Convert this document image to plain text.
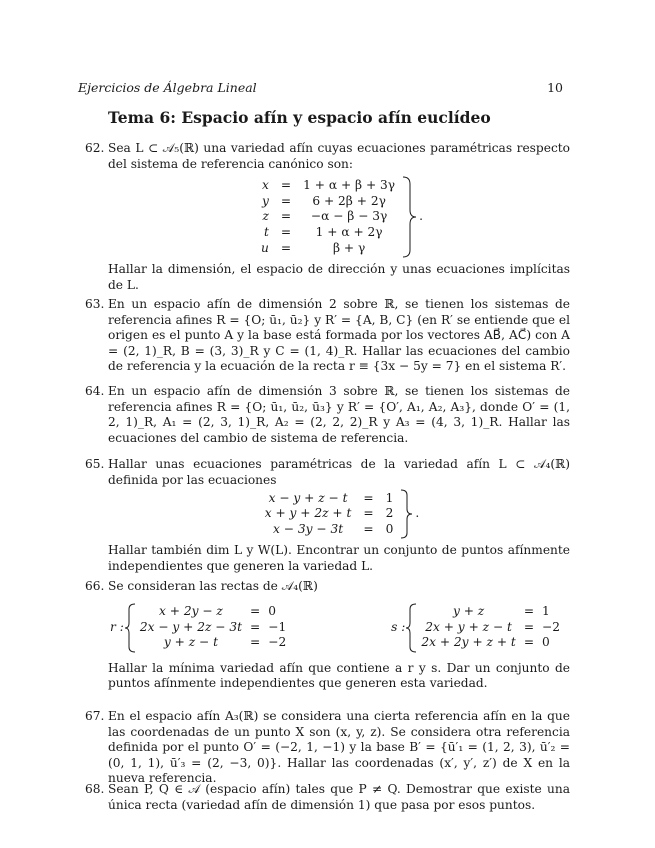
Ejercicios de Álgebra Lineal	10
Tema 6: Espacio afín y espacio afín euclídeo
62. Sea L ⊂ 𝒜₅(ℝ) una variedad afín cuyas ecuaciones paramétricas respecto del sistema de referencia canónico son:

x	=	1 + α + β + 3γ
y	=	6 + 2β + 2γ
z	=	−α − β − 3γ
t	=	1 + α + 2γ
u	=	β + γ
.

Hallar la dimensión, el espacio de dirección y unas ecuaciones implícitas de L.

63. En un espacio afín de dimensión 2 sobre ℝ, se tienen los sistemas de referencia afines R = {O; ū₁, ū₂} y R′ = {A, B, C} (en R′ se entiende que el origen es el punto A y la base está formada por los vectores AB⃗, AC⃗) con A = (2, 1)_R, B = (3, 3)_R y C = (1, 4)_R. Hallar las ecuaciones del cambio de referencia y la ecuación de la recta r ≡ {3x − 5y = 7} en el sistema R′.

64. En un espacio afín de dimensión 3 sobre ℝ, se tienen los sistemas de referencia afines R = {O; ū₁, ū₂, ū₃} y R′ = {O′, A₁, A₂, A₃}, donde O′ = (1, 2, 1)_R, A₁ = (2, 3, 1)_R, A₂ = (2, 2, 2)_R y A₃ = (4, 3, 1)_R. Hallar las ecuaciones del cambio de sistema de referencia.

65. Hallar unas ecuaciones paramétricas de la variedad afín L ⊂ 𝒜₄(ℝ) definida por las ecuaciones

x − y + z − t	=	1
x + y + 2z + t	=	2
x − 3y − 3t	=	0
.

Hallar también dim L y W(L). Encontrar un conjunto de puntos afínmente independientes que generen la variedad L.

66. Se consideran las rectas de 𝒜₄(ℝ)

r :
x + 2y − z	=	0
2x − y + 2z − 3t	=	−1
y + z − t	=	−2
s :
y + z	=	1
2x + y + z − t	=	−2
2x + 2y + z + t	=	0

Hallar la mínima variedad afín que contiene a r y s. Dar un conjunto de puntos afínmente independientes que generen esta variedad.

67. En el espacio afín A₃(ℝ) se considera una cierta referencia afín en la que las coordenadas de un punto X son (x, y, z). Se considera otra referencia definida por el punto O′ = (−2, 1, −1) y la base B′ = {ū′₁ = (1, 2, 3), ū′₂ = (0, 1, 1), ū′₃ = (2, −3, 0)}. Hallar las coordenadas (x′, y′, z′) de X en la nueva referencia.

68. Sean P, Q ∈ 𝒜 (espacio afín) tales que P ≠ Q. Demostrar que existe una única recta (variedad afín de dimensión 1) que pasa por esos puntos.
